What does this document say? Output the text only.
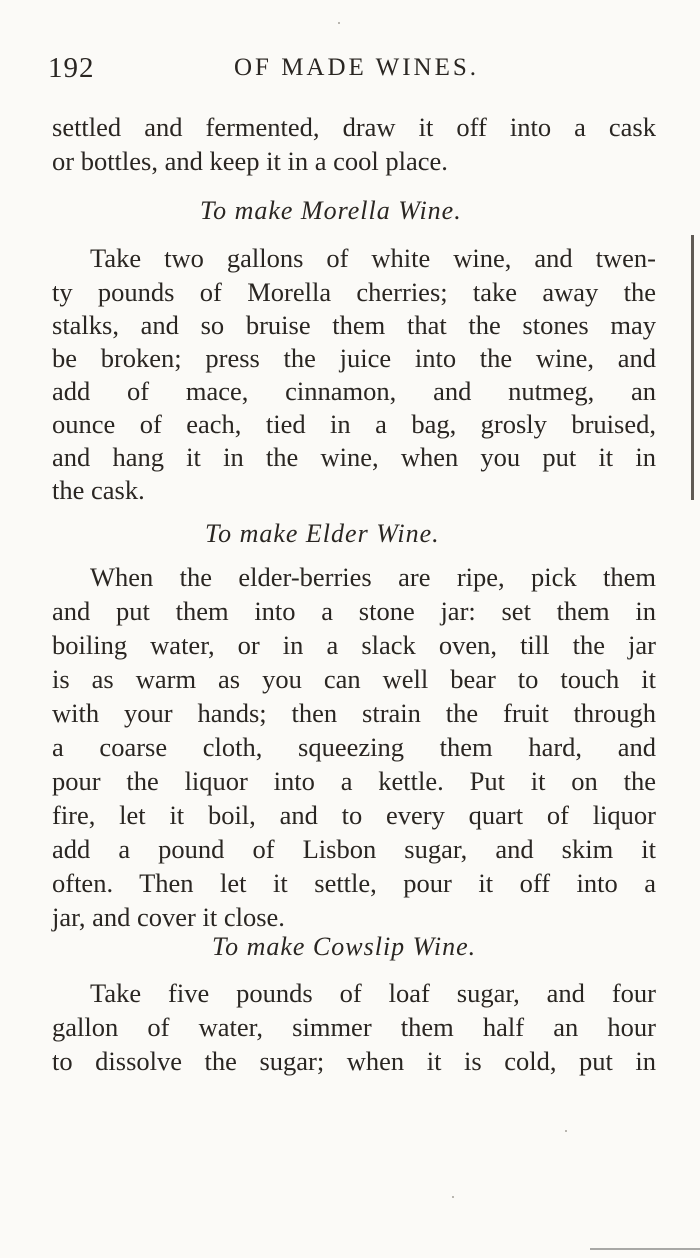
192	OF MADE WINES.
settled and fermented, draw it off into a cask
or bottles, and keep it in a cool place.
To make Morella Wine.
Take two gallons of white wine, and twen-
ty pounds of Morella cherries; take away the
stalks, and so bruise them that the stones may
be broken; press the juice into the wine, and
add of mace, cinnamon, and nutmeg, an
ounce of each, tied in a bag, grosly bruised,
and hang it in the wine, when you put it in
the cask.
To make Elder Wine.
When the elder-berries are ripe, pick them
and put them into a stone jar: set them in
boiling water, or in a slack oven, till the jar
is as warm as you can well bear to touch it
with your hands; then strain the fruit through
a coarse cloth, squeezing them hard, and
pour the liquor into a kettle. Put it on the
fire, let it boil, and to every quart of liquor
add a pound of Lisbon sugar, and skim it
often. Then let it settle, pour it off into a
jar, and cover it close.
To make Cowslip Wine.
Take five pounds of loaf sugar, and four
gallon of water, simmer them half an hour
to dissolve the sugar; when it is cold, put in
